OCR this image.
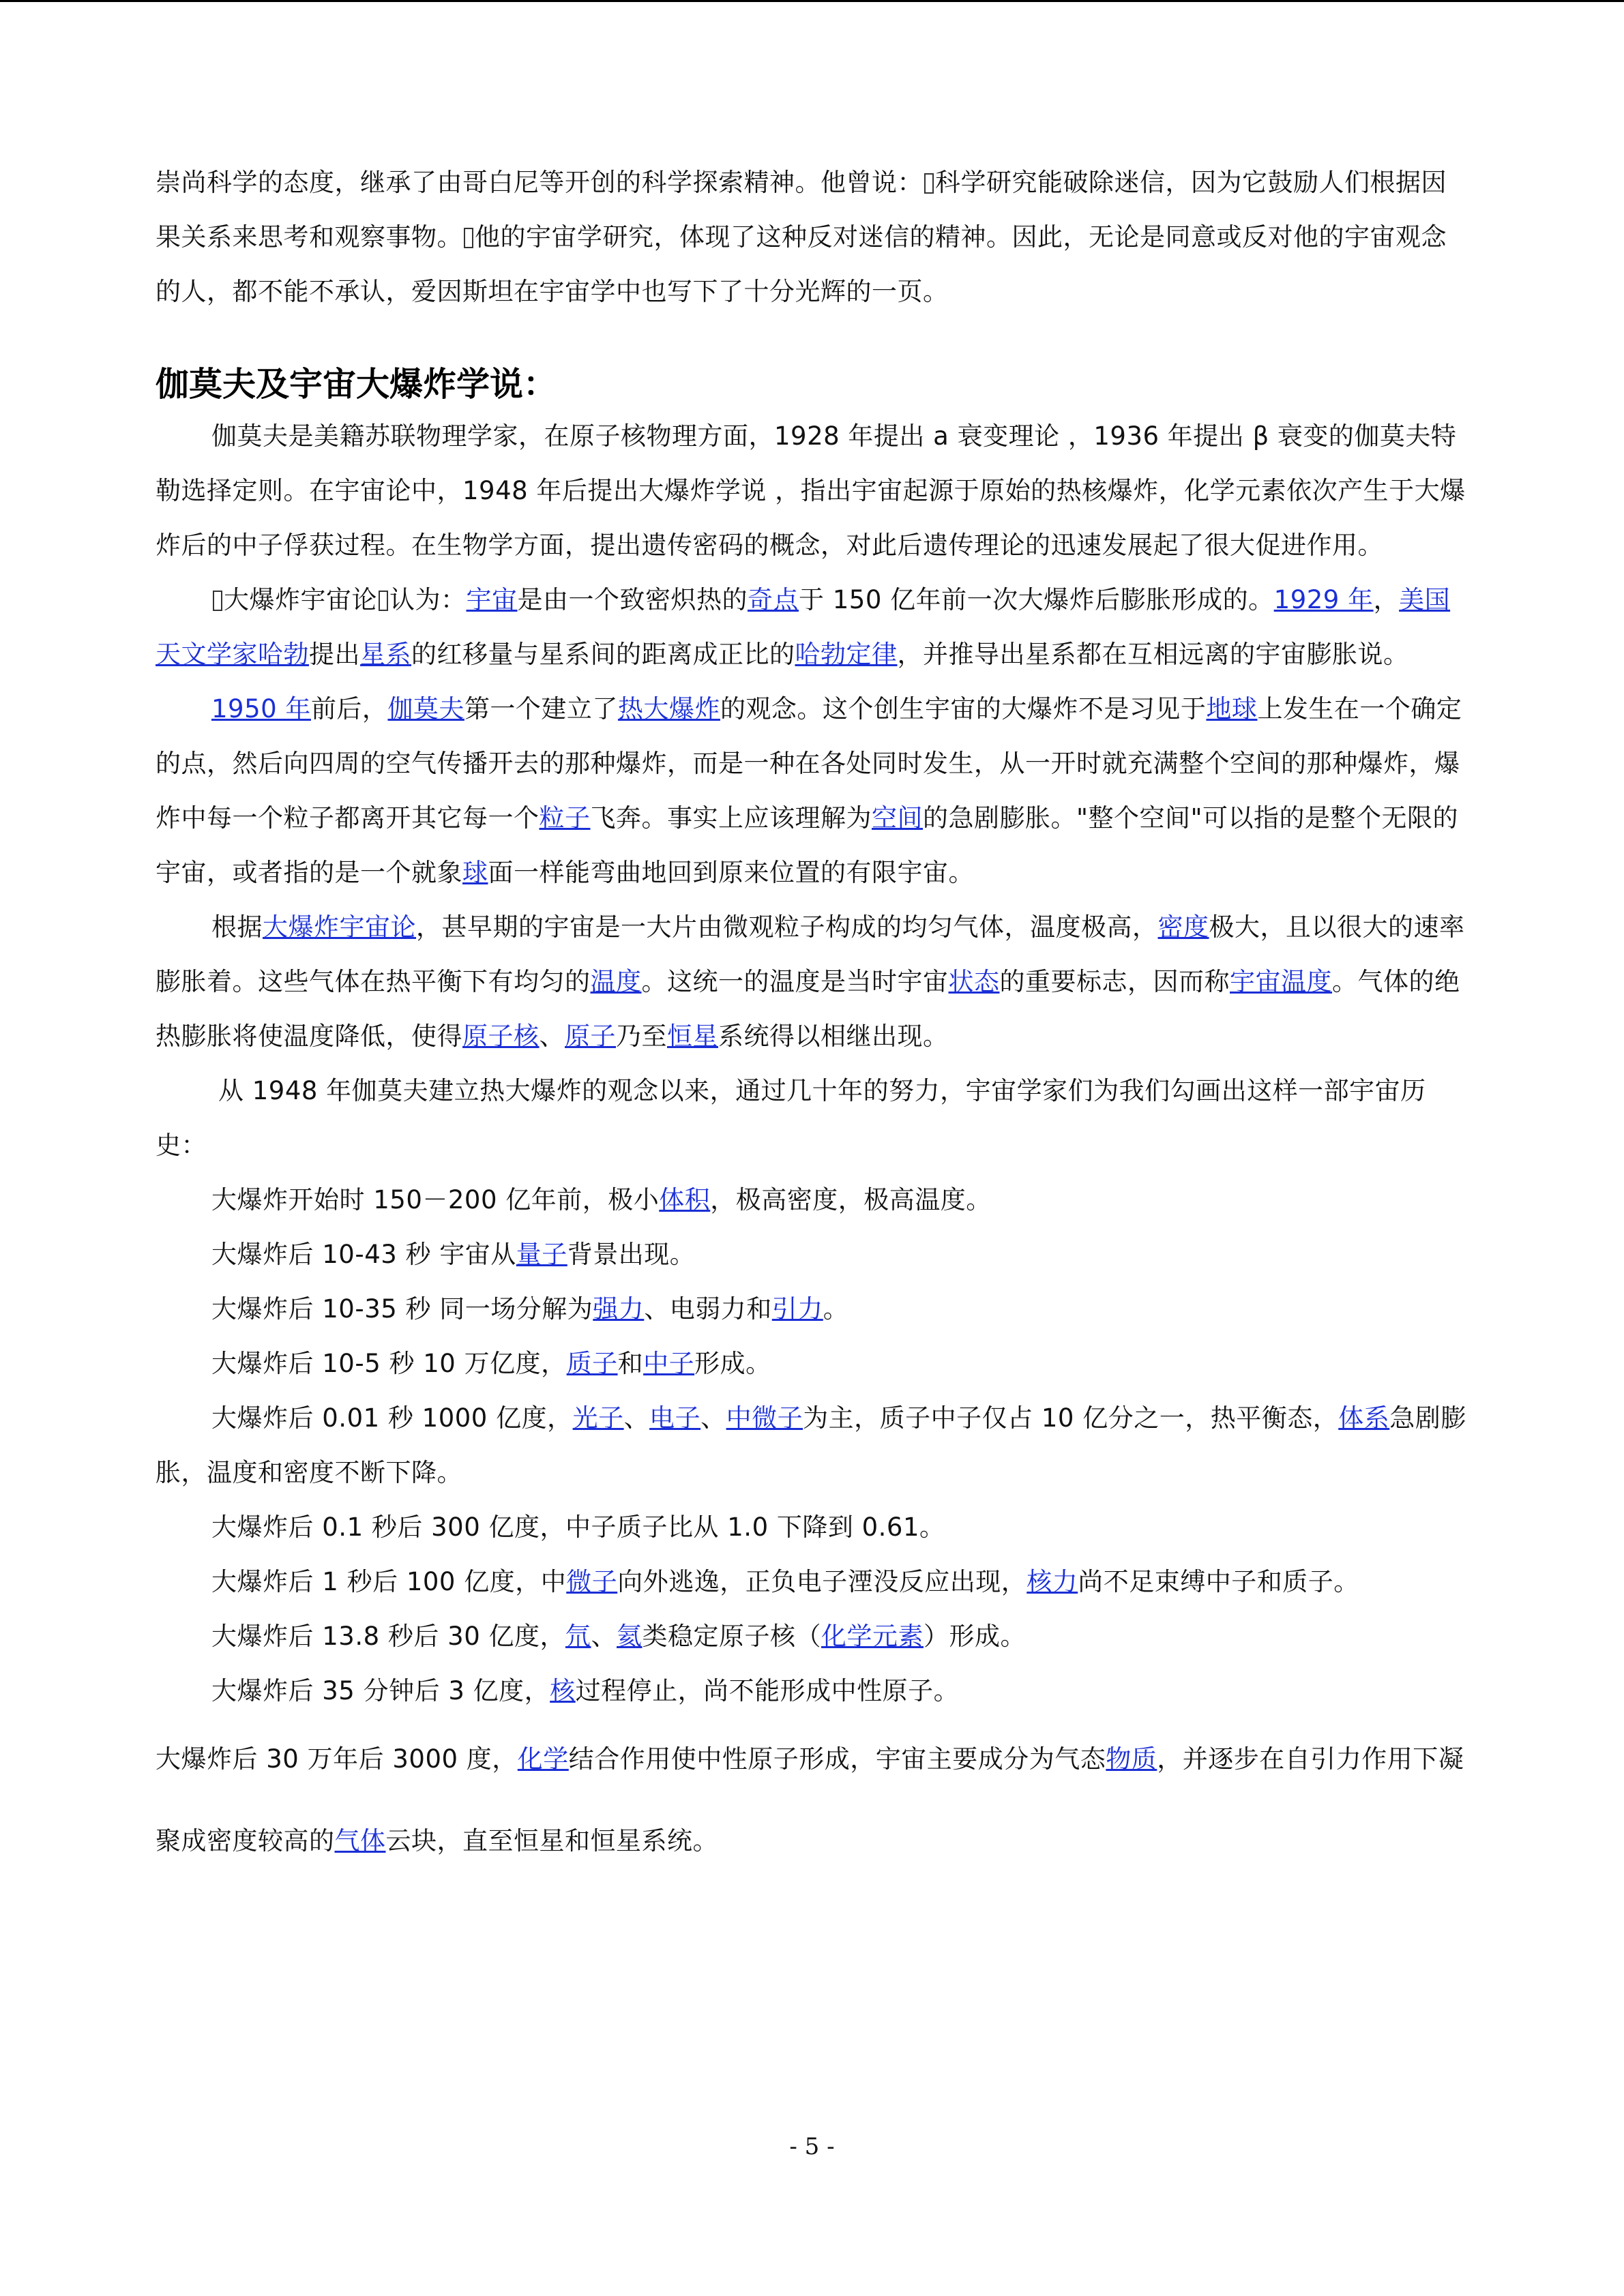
崇尚科学的态度，继承了由哥白尼等开创的科学探索精神。他曾说： 科学研究能破除迷信，因为它鼓励人们根据因果关系来思考和观察事物。 他的宇宙学研究，体现了这种反对迷信的精神。因此，无论是同意或反对他的宇宙观念的人，都不能不承认，爱因斯坦在宇宙学中也写下了十分光辉的一页。

伽莫夫及宇宙大爆炸学说：

伽莫夫是美籍苏联物理学家，在原子核物理方面，1928 年提出 a 衰变理论 ，1936 年提出 β 衰变的伽莫夫特勒选择定则。在宇宙论中，1948 年后提出大爆炸学说 ，指出宇宙起源于原始的热核爆炸，化学元素依次产生于大爆炸后的中子俘获过程。在生物学方面，提出遗传密码的概念，对此后遗传理论的迅速发展起了很大促进作用。

大爆炸宇宙论 认为：宇宙是由一个致密炽热的奇点于 150 亿年前一次大爆炸后膨胀形成的。1929 年，美国天文学家哈勃提出星系的红移量与星系间的距离成正比的哈勃定律，并推导出星系都在互相远离的宇宙膨胀说。

1950 年前后，伽莫夫第一个建立了热大爆炸的观念。这个创生宇宙的大爆炸不是习见于地球上发生在一个确定的点，然后向四周的空气传播开去的那种爆炸，而是一种在各处同时发生，从一开时就充满整个空间的那种爆炸，爆炸中每一个粒子都离开其它每一个粒子飞奔。事实上应该理解为空间的急剧膨胀。"整个空间"可以指的是整个无限的宇宙，或者指的是一个就象球面一样能弯曲地回到原来位置的有限宇宙。

根据大爆炸宇宙论，甚早期的宇宙是一大片由微观粒子构成的均匀气体，温度极高，密度极大，且以很大的速率膨胀着。这些气体在热平衡下有均匀的温度。这统一的温度是当时宇宙状态的重要标志，因而称宇宙温度。气体的绝热膨胀将使温度降低，使得原子核、原子乃至恒星系统得以相继出现。

从 1948 年伽莫夫建立热大爆炸的观念以来，通过几十年的努力，宇宙学家们为我们勾画出这样一部宇宙历史：

大爆炸开始时 150－200 亿年前，极小体积，极高密度，极高温度。

大爆炸后 10-43 秒 宇宙从量子背景出现。

大爆炸后 10-35 秒 同一场分解为强力、电弱力和引力。

大爆炸后 10-5 秒 10 万亿度，质子和中子形成。

大爆炸后 0.01 秒 1000 亿度，光子、电子、中微子为主，质子中子仅占 10 亿分之一，热平衡态，体系急剧膨胀，温度和密度不断下降。

大爆炸后 0.1 秒后 300 亿度，中子质子比从 1.0 下降到 0.61。

大爆炸后 1 秒后 100 亿度，中微子向外逃逸，正负电子湮没反应出现，核力尚不足束缚中子和质子。

大爆炸后 13.8 秒后 30 亿度，氘、氦类稳定原子核（化学元素）形成。

大爆炸后 35 分钟后 3 亿度，核过程停止，尚不能形成中性原子。

大爆炸后 30 万年后 3000 度，化学结合作用使中性原子形成，宇宙主要成分为气态物质，并逐步在自引力作用下凝聚成密度较高的气体云块，直至恒星和恒星系统。

- 5 -
